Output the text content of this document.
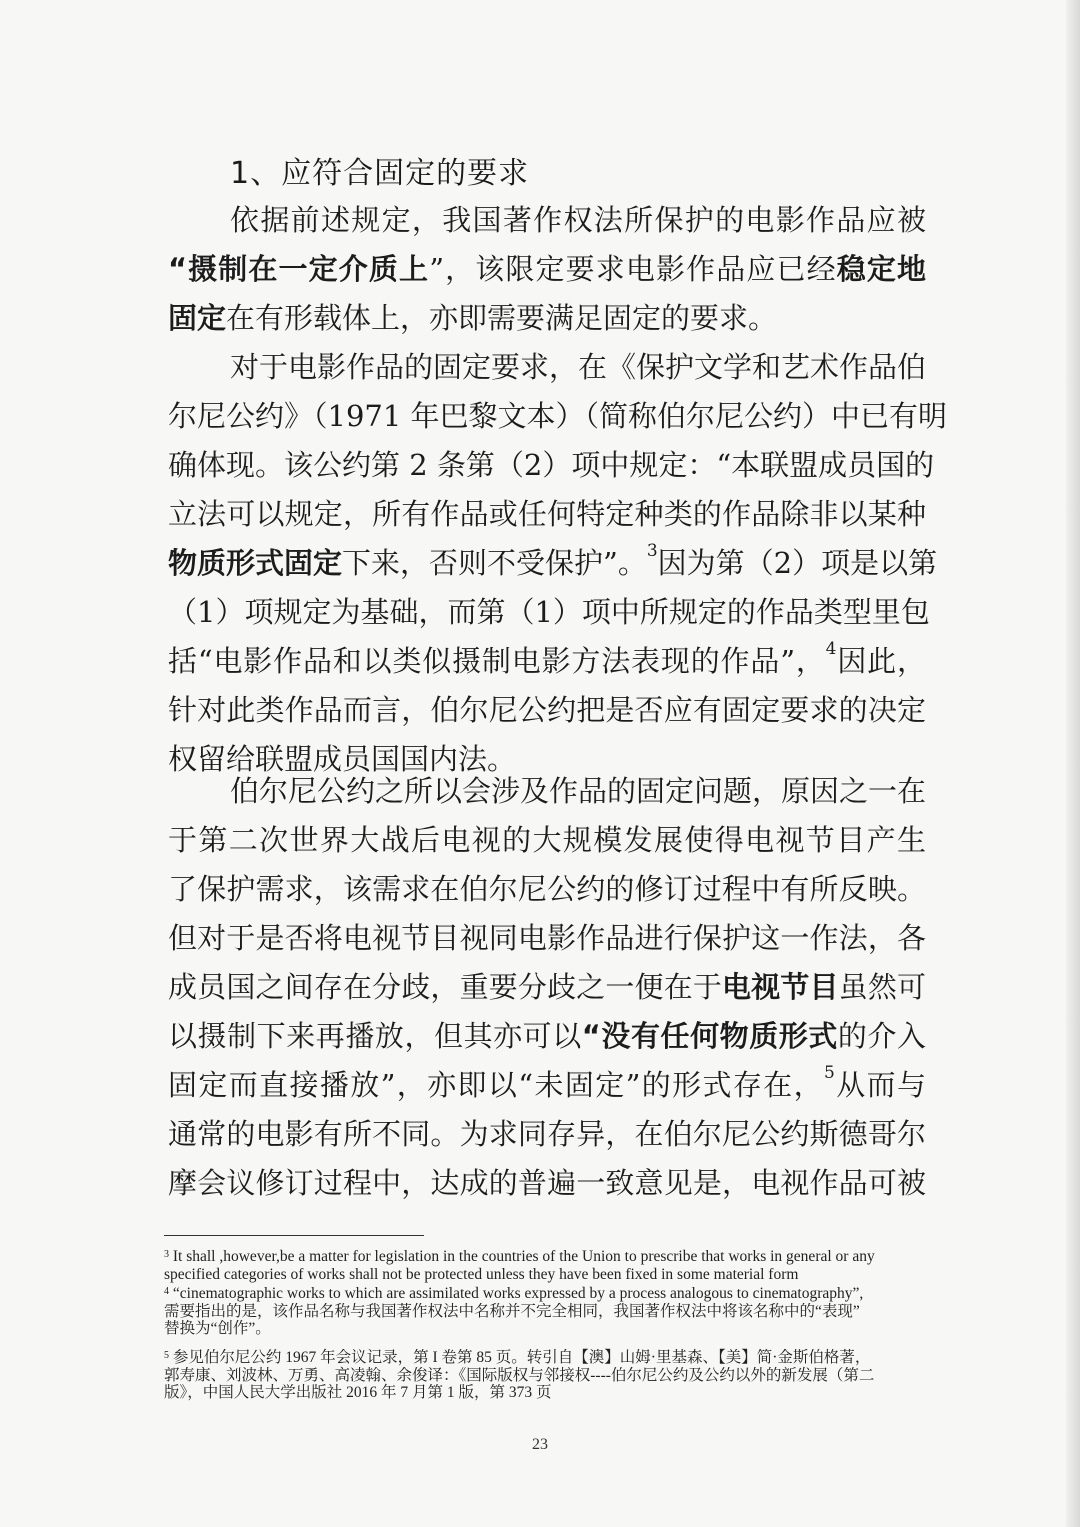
1、应符合固定的要求
依据前述规定，我国著作权法所保护的电影作品应被
“摄制在一定介质上”，该限定要求电影作品应已经稳定地
固定在有形载体上，亦即需要满足固定的要求。
对于电影作品的固定要求，在《保护文学和艺术作品伯
尔尼公约》（1971 年巴黎文本）（简称伯尔尼公约）中已有明
确体现。该公约第 2 条第（2）项中规定：“本联盟成员国的
立法可以规定，所有作品或任何特定种类的作品除非以某种
物质形式固定下来，否则不受保护”。$^3$因为第（2）项是以第
（1）项规定为基础，而第（1）项中所规定的作品类型里包
括“电影作品和以类似摄制电影方法表现的作品”，$^4$因此，
针对此类作品而言，伯尔尼公约把是否应有固定要求的决定
权留给联盟成员国国内法。
伯尔尼公约之所以会涉及作品的固定问题，原因之一在
于第二次世界大战后电视的大规模发展使得电视节目产生
了保护需求，该需求在伯尔尼公约的修订过程中有所反映。
但对于是否将电视节目视同电影作品进行保护这一作法，各
成员国之间存在分歧，重要分歧之一便在于电视节目虽然可
以摄制下来再播放，但其亦可以“没有任何物质形式的介入
固定而直接播放”，亦即以“未固定”的形式存在，$^5$从而与
通常的电影有所不同。为求同存异，在伯尔尼公约斯德哥尔
摩会议修订过程中，达成的普遍一致意见是，电视作品可被
$^3$ It shall ,however,be a matter for legislation in the countries of the Union to prescribe that works in general or any
specified categories of works shall not be protected unless they have been fixed in some material form
$^4$ “cinematographic works to which are assimilated works expressed by a process analogous to cinematography”,
需要指出的是，该作品名称与我国著作权法中名称并不完全相同，我国著作权法中将该名称中的“表现”
替换为“创作”。
$^5$ 参见伯尔尼公约 1967 年会议记录，第 I 卷第 85 页。转引自【澳】山姆·里基森、【美】简·金斯伯格著，
郭寿康、刘波林、万勇、高凌翰、余俊译：《国际版权与邻接权----伯尔尼公约及公约以外的新发展（第二
版》，中国人民大学出版社 2016 年 7 月第 1 版，第 373 页
23
